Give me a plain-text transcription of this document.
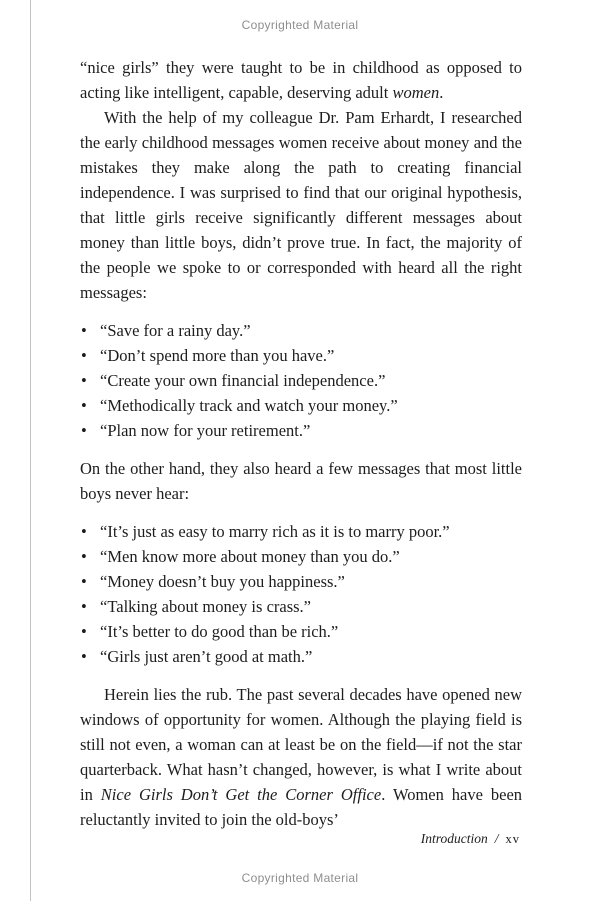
Copyrighted Material

“nice girls” they were taught to be in childhood as opposed to acting like intelligent, capable, deserving adult women.

With the help of my colleague Dr. Pam Erhardt, I researched the early childhood messages women receive about money and the mistakes they make along the path to creating financial independence. I was surprised to find that our original hypothesis, that little girls receive significantly different messages about money than little boys, didn’t prove true. In fact, the majority of the people we spoke to or corresponded with heard all the right messages:

• “Save for a rainy day.”
• “Don’t spend more than you have.”
• “Create your own financial independence.”
• “Methodically track and watch your money.”
• “Plan now for your retirement.”

On the other hand, they also heard a few messages that most little boys never hear:

• “It’s just as easy to marry rich as it is to marry poor.”
• “Men know more about money than you do.”
• “Money doesn’t buy you happiness.”
• “Talking about money is crass.”
• “It’s better to do good than be rich.”
• “Girls just aren’t good at math.”

Herein lies the rub. The past several decades have opened new windows of opportunity for women. Although the playing field is still not even, a woman can at least be on the field—if not the star quarterback. What hasn’t changed, however, is what I write about in Nice Girls Don’t Get the Corner Office. Women have been reluctantly invited to join the old-boys’

Introduction / xv
Copyrighted Material
